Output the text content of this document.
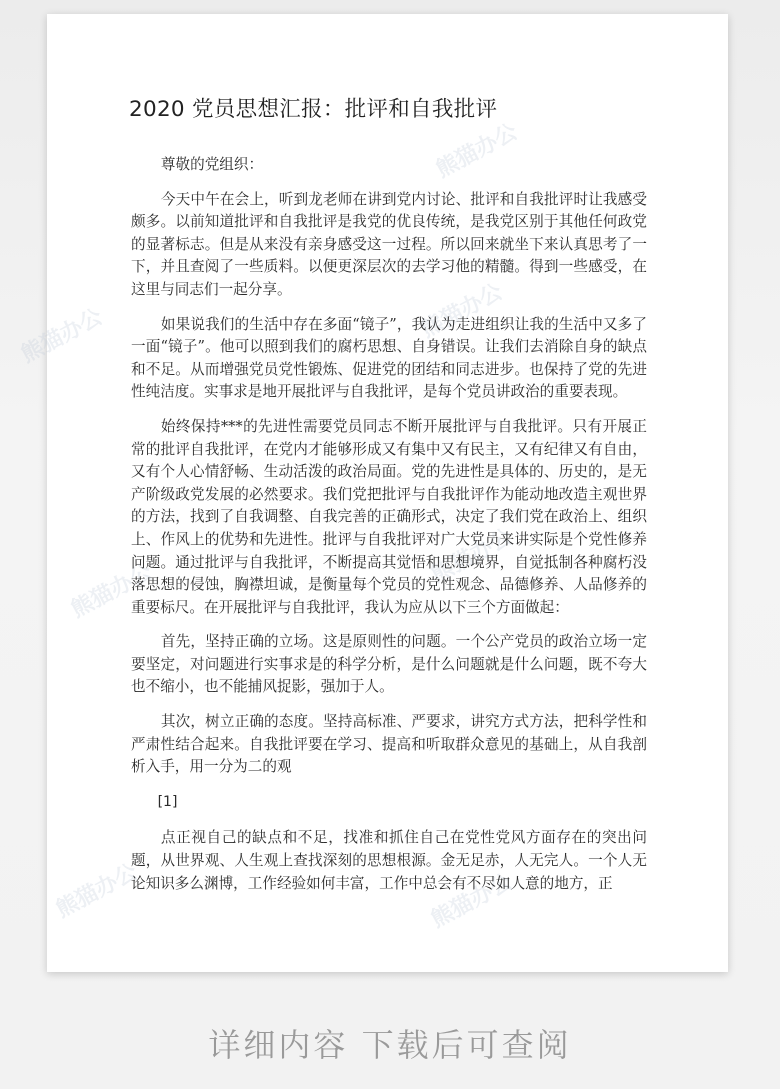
熊猫办公
熊猫办公	熊猫办公
熊猫办公
熊猫办公
熊猫办公	熊猫办公
2020 党员思想汇报：批评和自我批评

尊敬的党组织：

今天中午在会上，听到龙老师在讲到党内讨论、批评和自我批评时让我感受颇多。以前知道批评和自我批评是我党的优良传统，是我党区别于其他任何政党的显著标志。但是从来没有亲身感受这一过程。所以回来就坐下来认真思考了一下，并且查阅了一些质料。以便更深层次的去学习他的精髓。得到一些感受，在这里与同志们一起分享。

如果说我们的生活中存在多面“镜子”，我认为走进组织让我的生活中又多了一面“镜子”。他可以照到我们的腐朽思想、自身错误。让我们去消除自身的缺点和不足。从而增强党员党性锻炼、促进党的团结和同志进步。也保持了党的先进性纯洁度。实事求是地开展批评与自我批评，是每个党员讲政治的重要表现。

始终保持***的先进性需要党员同志不断开展批评与自我批评。只有开展正常的批评自我批评，在党内才能够形成又有集中又有民主，又有纪律又有自由，又有个人心情舒畅、生动活泼的政治局面。党的先进性是具体的、历史的，是无产阶级政党发展的必然要求。我们党把批评与自我批评作为能动地改造主观世界的方法，找到了自我调整、自我完善的正确形式，决定了我们党在政治上、组织上、作风上的优势和先进性。批评与自我批评对广大党员来讲实际是个党性修养问题。通过批评与自我批评，不断提高其觉悟和思想境界，自觉抵制各种腐朽没落思想的侵蚀，胸襟坦诚，是衡量每个党员的党性观念、品德修养、人品修养的重要标尺。在开展批评与自我批评，我认为应从以下三个方面做起：

首先，坚持正确的立场。这是原则性的问题。一个公产党员的政治立场一定要坚定，对问题进行实事求是的科学分析，是什么问题就是什么问题，既不夸大也不缩小，也不能捕风捉影，强加于人。

其次，树立正确的态度。坚持高标准、严要求，讲究方式方法，把科学性和严肃性结合起来。自我批评要在学习、提高和听取群众意见的基础上，从自我剖析入手，用一分为二的观

[1]

点正视自己的缺点和不足，找准和抓住自己在党性党风方面存在的突出问题，从世界观、人生观上查找深刻的思想根源。金无足赤，人无完人。一个人无论知识多么渊博，工作经验如何丰富，工作中总会有不尽如人意的地方，正

详细内容 下载后可查阅
